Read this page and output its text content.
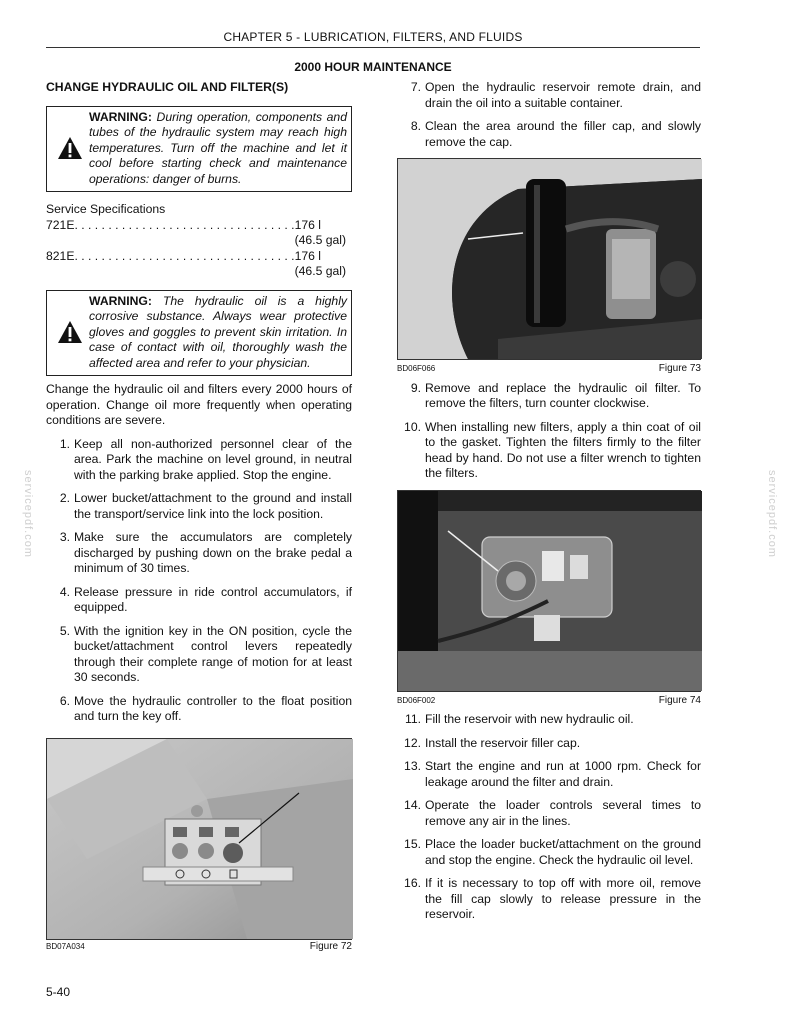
CHAPTER 5 - LUBRICATION, FILTERS, AND FLUIDS
2000 HOUR MAINTENANCE
CHANGE HYDRAULIC OIL AND FILTER(S)
WARNING: During operation, components and tubes of the hydraulic system may reach high temperatures. Turn off the machine and let it cool before starting check and maintenance operations: danger of burns.
Service Specifications
721E . . . . . . . . . . . . . . . . . . . . . . . . . . . . . . . . . 176 l (46.5 gal)
821E . . . . . . . . . . . . . . . . . . . . . . . . . . . . . . . . . 176 l (46.5 gal)
WARNING: The hydraulic oil is a highly corrosive substance. Always wear protective gloves and goggles to prevent skin irritation. In case of contact with oil, thoroughly wash the affected area and refer to your physician.

Change the hydraulic oil and filters every 2000 hours of operation. Change oil more frequently when operating conditions are severe.

1. Keep all non-authorized personnel clear of the area. Park the machine on level ground, in neutral with the parking brake applied. Stop the engine.
2. Lower bucket/attachment to the ground and install the transport/service link into the lock position.
3. Make sure the accumulators are completely discharged by pushing down on the brake pedal a minimum of 30 times.
4. Release pressure in ride control accumulators, if equipped.
5. With the ignition key in the ON position, cycle the bucket/attachment control levers repeatedly through their complete range of motion for at least 30 seconds.
6. Move the hydraulic controller to the float position and turn the key off.
BD07A034	Figure 72
7. Open the hydraulic reservoir remote drain, and drain the oil into a suitable container.
8. Clean the area around the filler cap, and slowly remove the cap.
BD06F066	Figure 73
9. Remove and replace the hydraulic oil filter. To remove the filters, turn counter clockwise.
10. When installing new filters, apply a thin coat of oil to the gasket. Tighten the filters firmly to the filter head by hand. Do not use a filter wrench to tighten the filters.
BD06F002	Figure 74
11. Fill the reservoir with new hydraulic oil.
12. Install the reservoir filler cap.
13. Start the engine and run at 1000 rpm. Check for leakage around the filter and drain.
14. Operate the loader controls several times to remove any air in the lines.
15. Place the loader bucket/attachment on the ground and stop the engine. Check the hydraulic oil level.
16. If it is necessary to top off with more oil, remove the fill cap slowly to release pressure in the reservoir.
5-40
servicepdf.com	servicepdf.com
